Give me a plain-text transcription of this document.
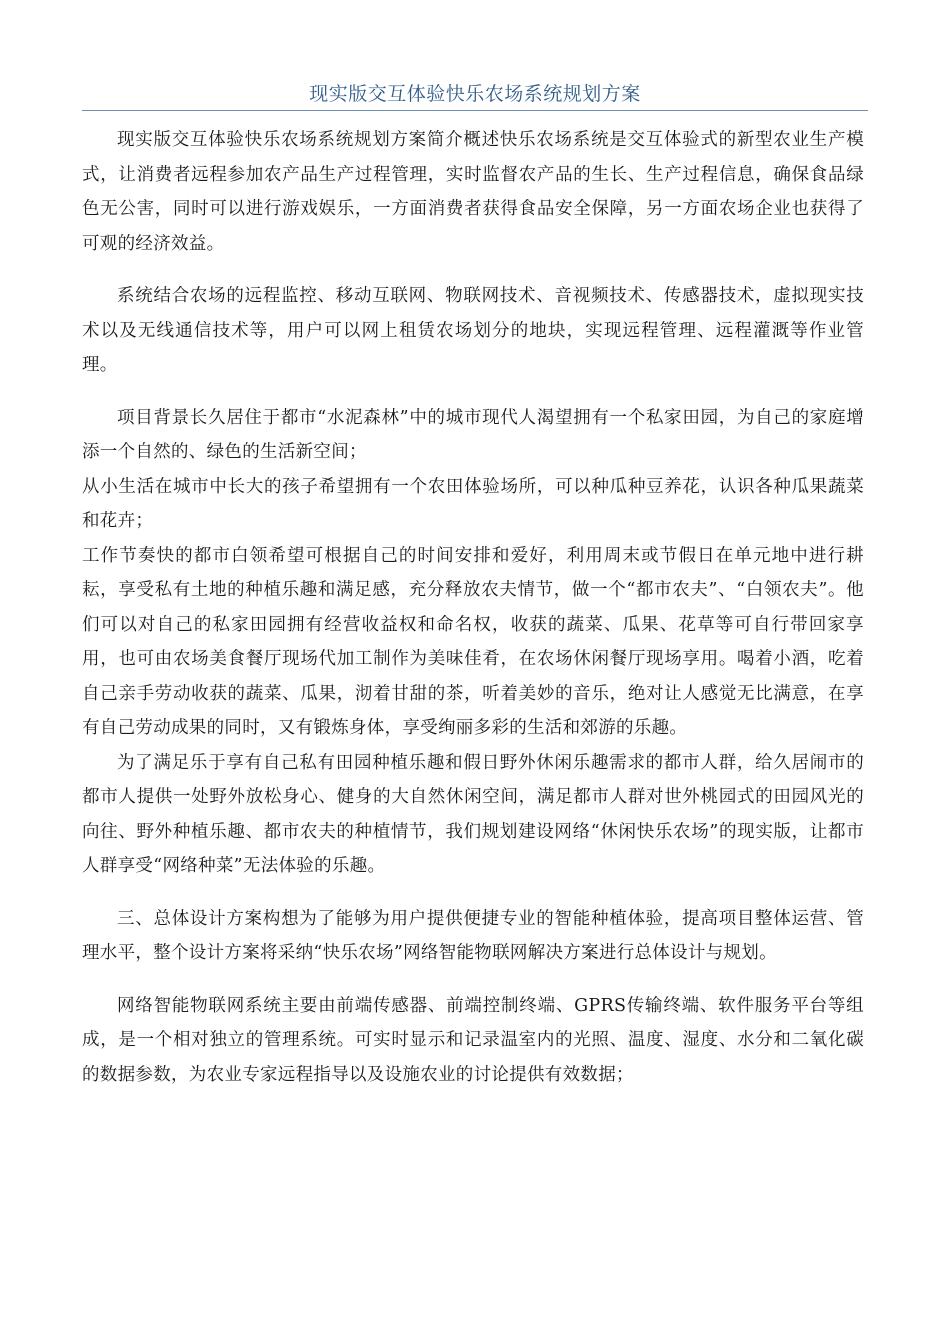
现实版交互体验快乐农场系统规划方案

现实版交互体验快乐农场系统规划方案简介概述快乐农场系统是交互体验式的新型农业生产模式，让消费者远程参加农产品生产过程管理，实时监督农产品的生长、生产过程信息，确保食品绿色无公害，同时可以进行游戏娱乐，一方面消费者获得食品安全保障，另一方面农场企业也获得了可观的经济效益。

系统结合农场的远程监控、移动互联网、物联网技术、音视频技术、传感器技术，虚拟现实技术以及无线通信技术等，用户可以网上租赁农场划分的地块，实现远程管理、远程灌溉等作业管理。

项目背景长久居住于都市“水泥森林”中的城市现代人渴望拥有一个私家田园，为自己的家庭增添一个自然的、绿色的生活新空间；

从小生活在城市中长大的孩子希望拥有一个农田体验场所，可以种瓜种豆养花，认识各种瓜果蔬菜和花卉；

工作节奏快的都市白领希望可根据自己的时间安排和爱好，利用周末或节假日在单元地中进行耕耘，享受私有土地的种植乐趣和满足感，充分释放农夫情节，做一个“都市农夫”、“白领农夫”。他们可以对自己的私家田园拥有经营收益权和命名权，收获的蔬菜、瓜果、花草等可自行带回家享用，也可由农场美食餐厅现场代加工制作为美味佳肴，在农场休闲餐厅现场享用。喝着小酒，吃着自己亲手劳动收获的蔬菜、瓜果，沏着甘甜的茶，听着美妙的音乐，绝对让人感觉无比满意，在享有自己劳动成果的同时，又有锻炼身体，享受绚丽多彩的生活和郊游的乐趣。

为了满足乐于享有自己私有田园种植乐趣和假日野外休闲乐趣需求的都市人群，给久居闹市的都市人提供一处野外放松身心、健身的大自然休闲空间，满足都市人群对世外桃园式的田园风光的向往、野外种植乐趣、都市农夫的种植情节，我们规划建设网络“休闲快乐农场”的现实版，让都市人群享受“网络种菜”无法体验的乐趣。

三、总体设计方案构想为了能够为用户提供便捷专业的智能种植体验，提高项目整体运营、管理水平，整个设计方案将采纳“快乐农场”网络智能物联网解决方案进行总体设计与规划。

网络智能物联网系统主要由前端传感器、前端控制终端、GPRS传输终端、软件服务平台等组成，是一个相对独立的管理系统。可实时显示和记录温室内的光照、温度、湿度、水分和二氧化碳的数据参数，为农业专家远程指导以及设施农业的讨论提供有效数据；
